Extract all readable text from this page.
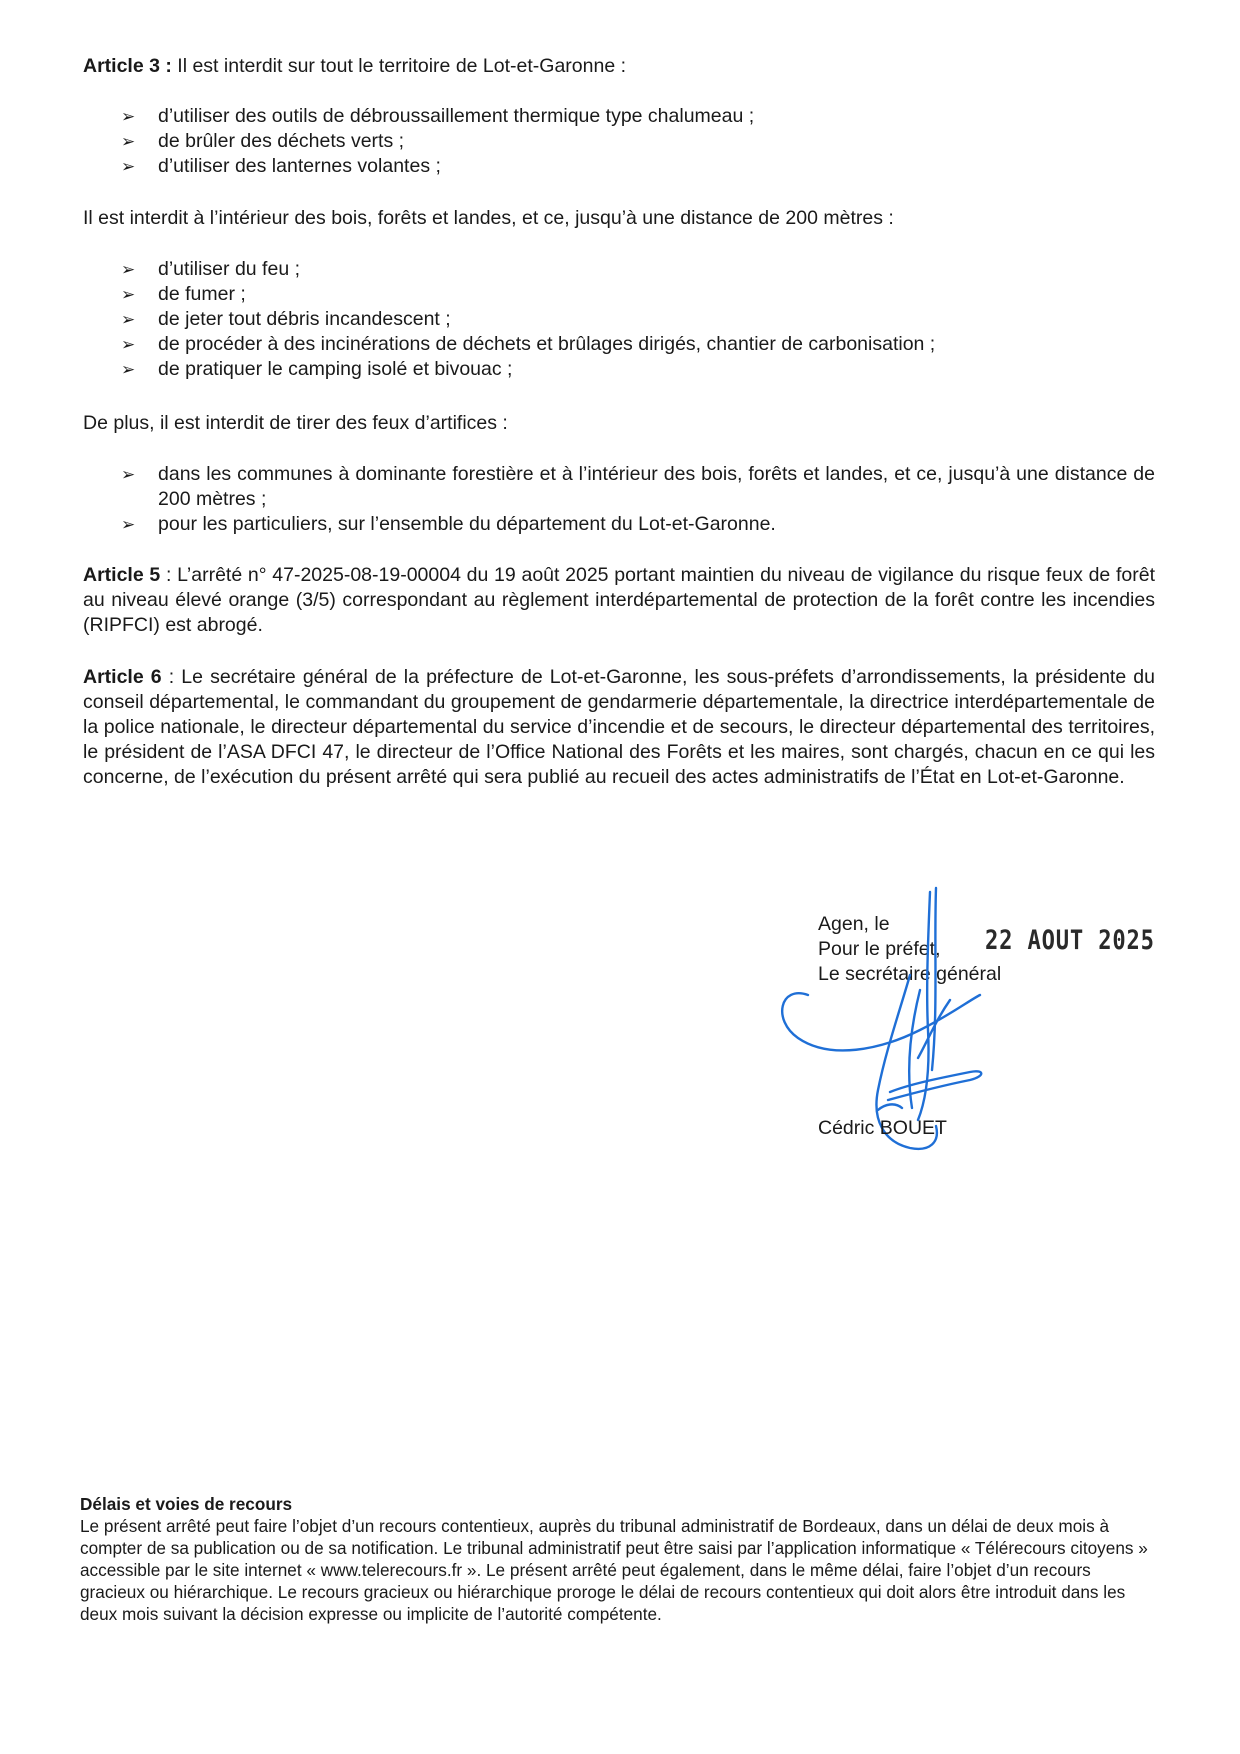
Article 3 : Il est interdit sur tout le territoire de Lot-et-Garonne :

➢ d’utiliser des outils de débroussaillement thermique type chalumeau ;
➢ de brûler des déchets verts ;
➢ d’utiliser des lanternes volantes ;

Il est interdit à l’intérieur des bois, forêts et landes, et ce, jusqu’à une distance de 200 mètres :

➢ d’utiliser du feu ;
➢ de fumer ;
➢ de jeter tout débris incandescent ;
➢ de procéder à des incinérations de déchets et brûlages dirigés, chantier de carbonisation ;
➢ de pratiquer le camping isolé et bivouac ;

De plus, il est interdit de tirer des feux d’artifices :

➢ dans les communes à dominante forestière et à l’intérieur des bois, forêts et landes, et ce, jusqu’à une distance de 200 mètres ;
➢ pour les particuliers, sur l’ensemble du département du Lot-et-Garonne.

Article 5 : L’arrêté n° 47-2025-08-19-00004 du 19 août 2025 portant maintien du niveau de vigilance du risque feux de forêt au niveau élevé orange (3/5) correspondant au règlement interdépartemental de protection de la forêt contre les incendies (RIPFCI) est abrogé.

Article 6 : Le secrétaire général de la préfecture de Lot-et-Garonne, les sous-préfets d’arrondissements, la présidente du conseil départemental, le commandant du groupement de gendarmerie départementale, la directrice interdépartementale de la police nationale, le directeur départemental du service d’incendie et de secours, le directeur départemental des territoires, le président de l’ASA DFCI 47, le directeur de l’Office National des Forêts et les maires, sont chargés, chacun en ce qui les concerne, de l’exécution du présent arrêté qui sera publié au recueil des actes administratifs de l’État en Lot-et-Garonne.

Agen, le
Pour le préfet,
Le secrétaire général
22 AOUT 2025
Cédric BOUET
Délais et voies de recours
Le présent arrêté peut faire l’objet d’un recours contentieux, auprès du tribunal administratif de Bordeaux, dans un délai de deux mois à compter de sa publication ou de sa notification. Le tribunal administratif peut être saisi par l’application informatique « Télérecours citoyens » accessible par le site internet « www.telerecours.fr ». Le présent arrêté peut également, dans le même délai, faire l’objet d’un recours gracieux ou hiérarchique. Le recours gracieux ou hiérarchique proroge le délai de recours contentieux qui doit alors être introduit dans les deux mois suivant la décision expresse ou implicite de l’autorité compétente.
